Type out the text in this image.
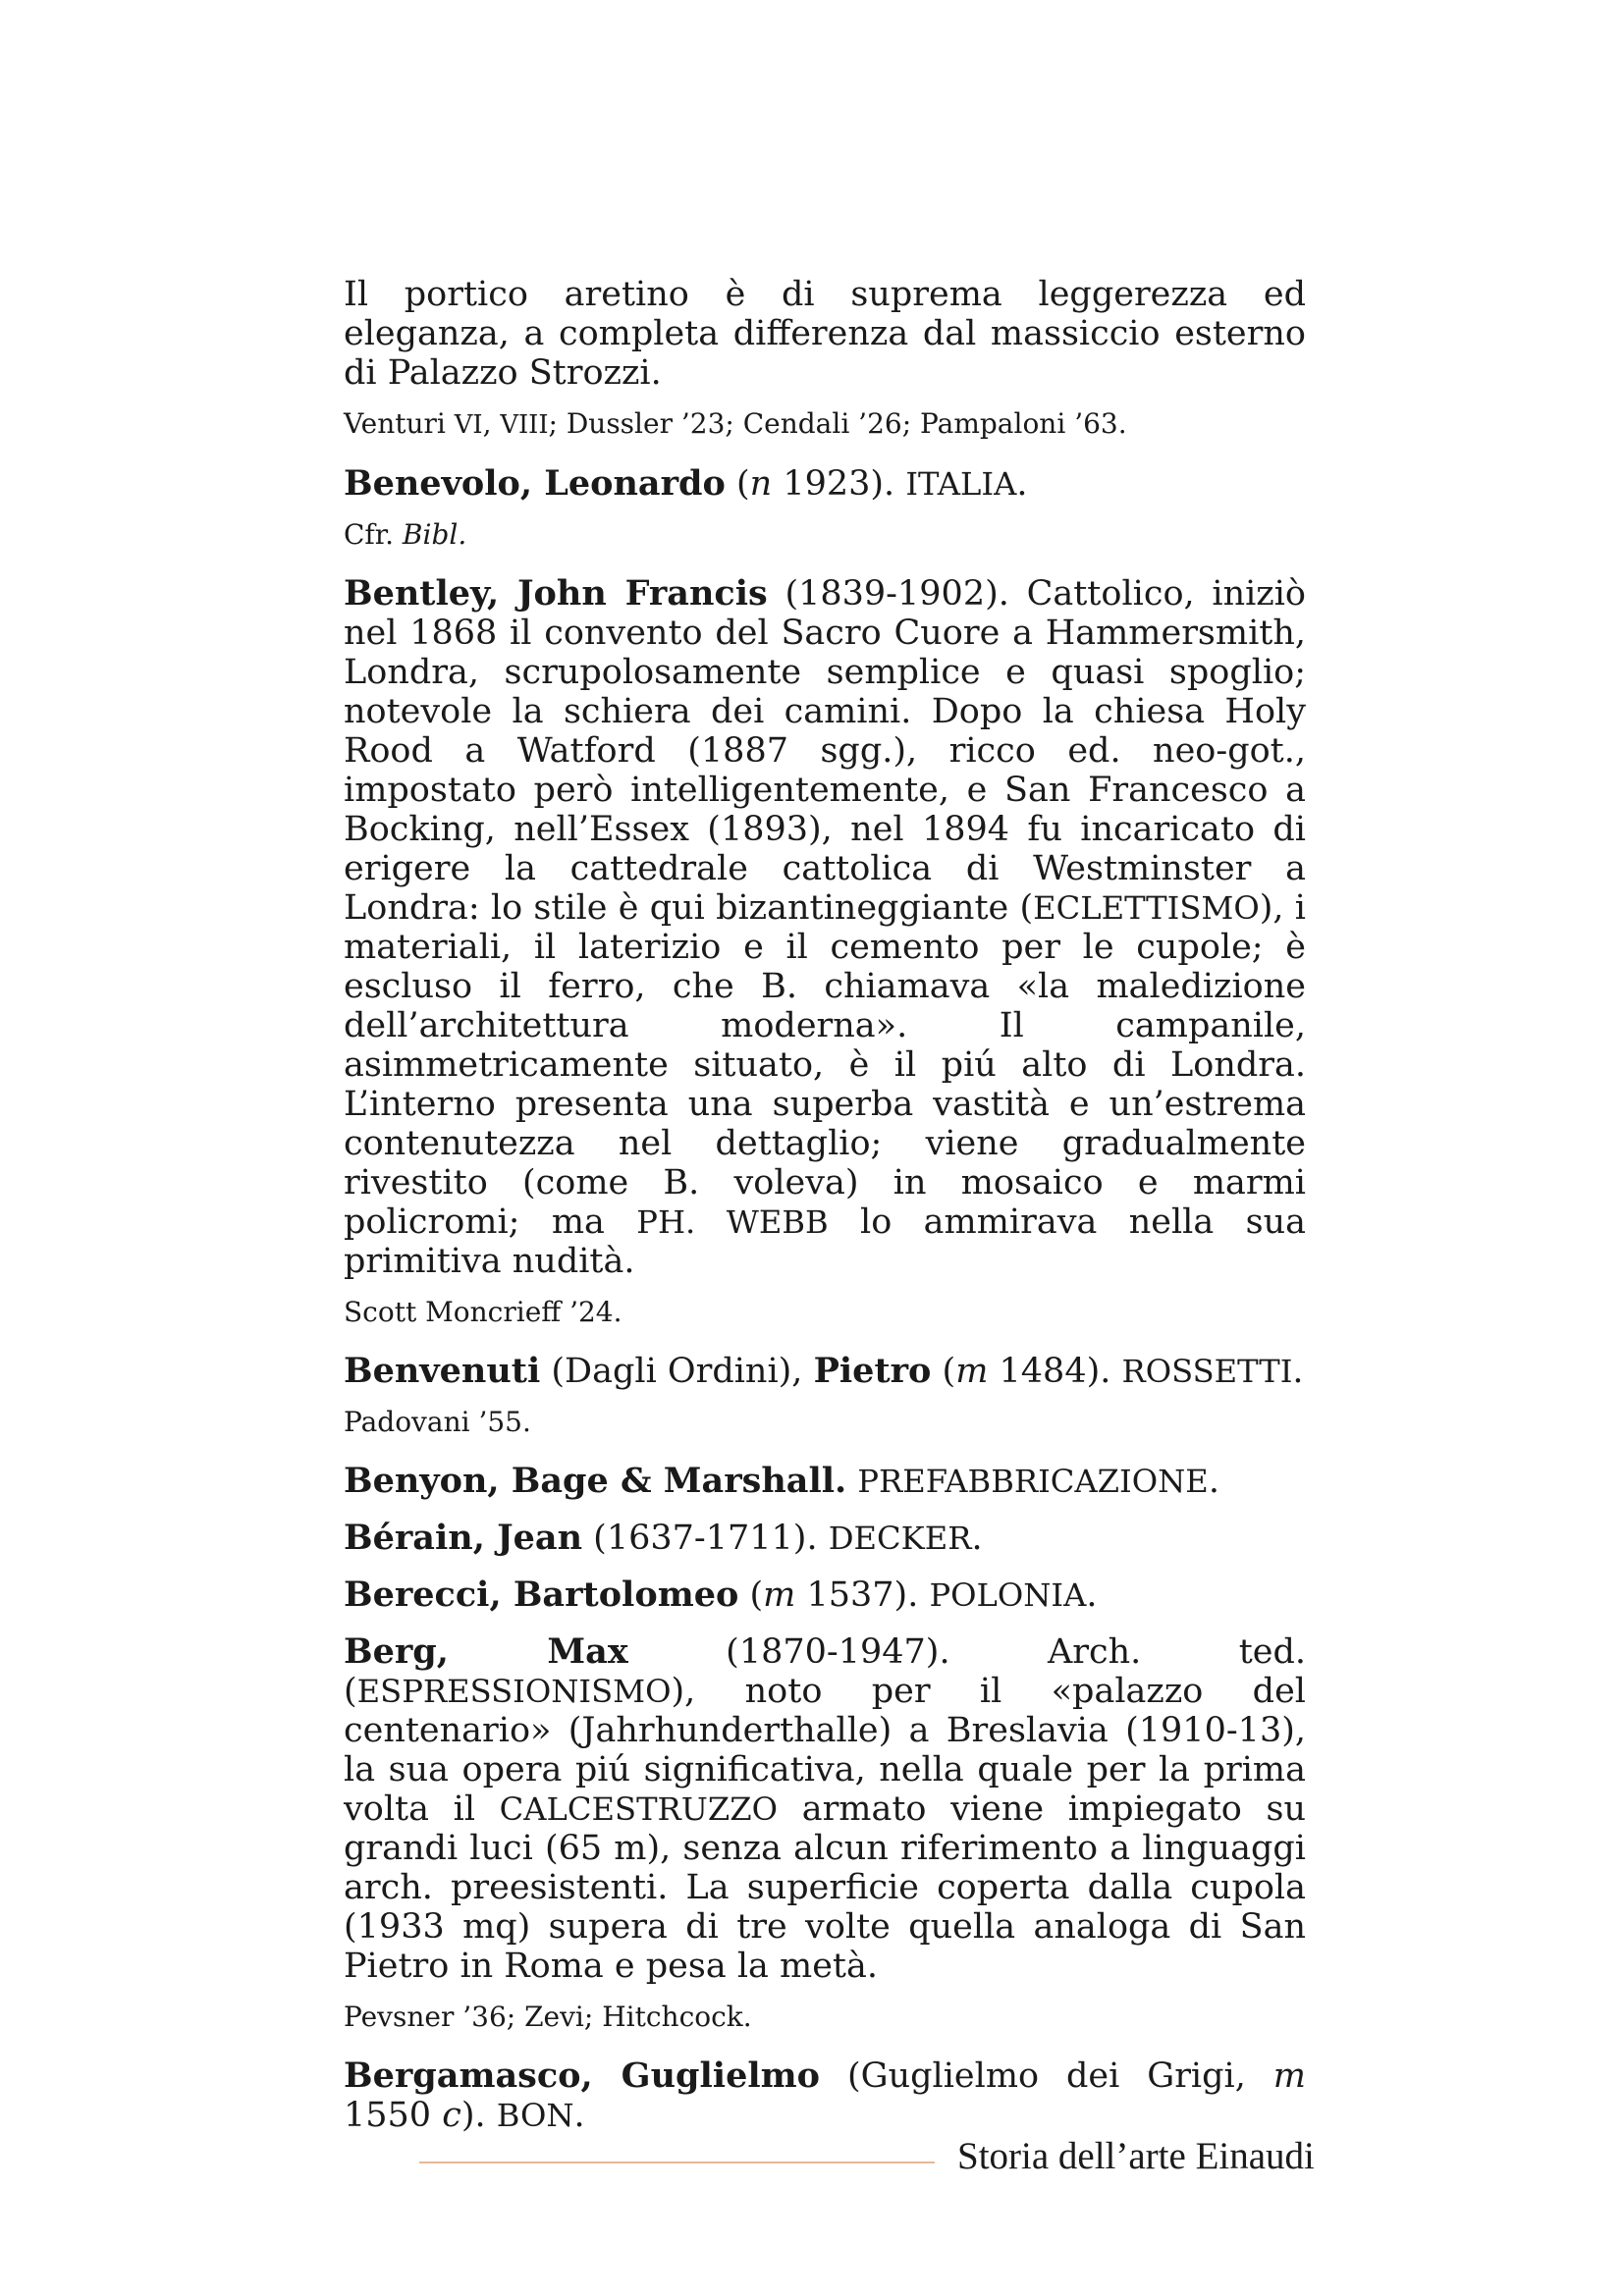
Il portico aretino è di suprema leggerezza ed eleganza, a completa differenza dal massiccio esterno di Palazzo Strozzi.

Venturi VI, VIII; Dussler ’23; Cendali ’26; Pampaloni ’63.

Benevolo, Leonardo (n 1923). ITALIA.

Cfr. Bibl.

Bentley, John Francis (1839-1902). Cattolico, iniziò nel 1868 il convento del Sacro Cuore a Hammersmith, Londra, scrupolosamente semplice e quasi spoglio; notevole la schiera dei camini. Dopo la chiesa Holy Rood a Watford (1887 sgg.), ricco ed. neo-got., impostato però intelligentemente, e San Francesco a Bocking, nell’Essex (1893), nel 1894 fu incaricato di erigere la cattedrale cattolica di Westminster a Londra: lo stile è qui bizantineggiante (ECLETTISMO), i materiali, il laterizio e il cemento per le cupole; è escluso il ferro, che B. chiamava «la maledizione dell’architettura moderna». Il campanile, asimmetricamente situato, è il piú alto di Londra. L’interno presenta una superba vastità e un’estrema contenutezza nel dettaglio; viene gradualmente rivestito (come B. voleva) in mosaico e marmi policromi; ma PH. WEBB lo ammirava nella sua primitiva nudità.

Scott Moncrieff ’24.

Benvenuti (Dagli Ordini), Pietro (m 1484). ROSSETTI.

Padovani ’55.

Benyon, Bage & Marshall. PREFABBRICAZIONE.

Bérain, Jean (1637-1711). DECKER.

Berecci, Bartolomeo (m 1537). POLONIA.

Berg, Max (1870-1947). Arch. ted. (ESPRESSIONISMO), noto per il «palazzo del centenario» (Jahrhunderthalle) a Breslavia (1910-13), la sua opera piú significativa, nella quale per la prima volta il CALCESTRUZZO armato viene impiegato su grandi luci (65 m), senza alcun riferimento a linguaggi arch. preesistenti. La superficie coperta dalla cupola (1933 mq) supera di tre volte quella analoga di San Pietro in Roma e pesa la metà.

Pevsner ’36; Zevi; Hitchcock.

Bergamasco, Guglielmo (Guglielmo dei Grigi, m 1550 c). BON.

Storia dell’arte Einaudi
